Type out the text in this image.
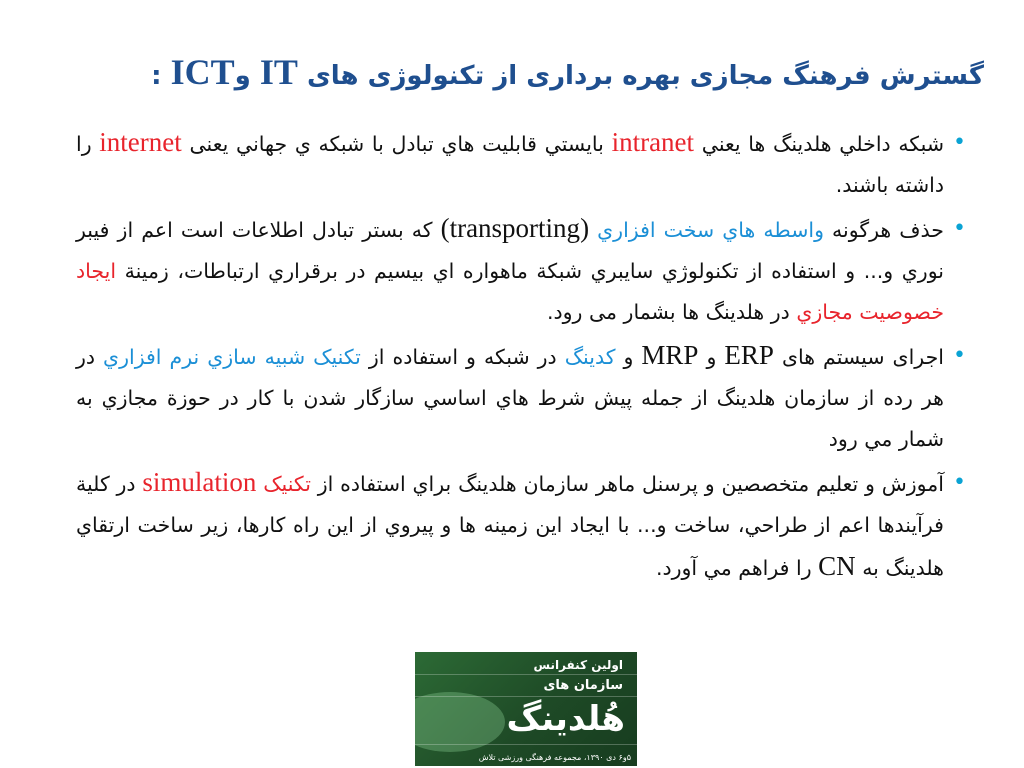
گسترش فرهنگ مجازی بهره برداری از تکنولوژی های IT وICT :
•
شبکه داخلي هلدينگ ها يعني intranet بايستي قابليت هاي تبادل با شبکه ي جهاني يعنی internet را داشته باشند.
•
حذف هرگونه واسطه هاي سخت افزاري (transporting) که بستر تبادل اطلاعات است اعم از فيبر نوري و... و استفاده از تکنولوژي سايبري شبکة ماهواره اي بيسيم در برقراري ارتباطات، زمينة ايجاد خصوصيت مجازي در هلدينگ ها بشمار می رود.
•
اجرای سيستم های ERP و MRP و کدينگ در شبکه و استفاده از تکنيک شبيه سازي نرم افزاري در هر رده از سازمان هلدينگ از جمله پيش شرط هاي اساسي سازگار شدن با کار در حوزة مجازي به شمار مي رود
•
آموزش و تعليم متخصصين و پرسنل ماهر سازمان هلدينگ براي استفاده از تکنيک simulation در کلية فرآيندها اعم از طراحي، ساخت و... با ايجاد اين زمينه ها و پيروي از اين راه کارها، زير ساخت ارتقاي هلدينگ به CN را فراهم مي آورد.
اولين كنفرانس
سازمان های
هُلدینگ
۵و۶ دی ۱۳۹۰، مجموعه فرهنگی ورزشی تلاش
